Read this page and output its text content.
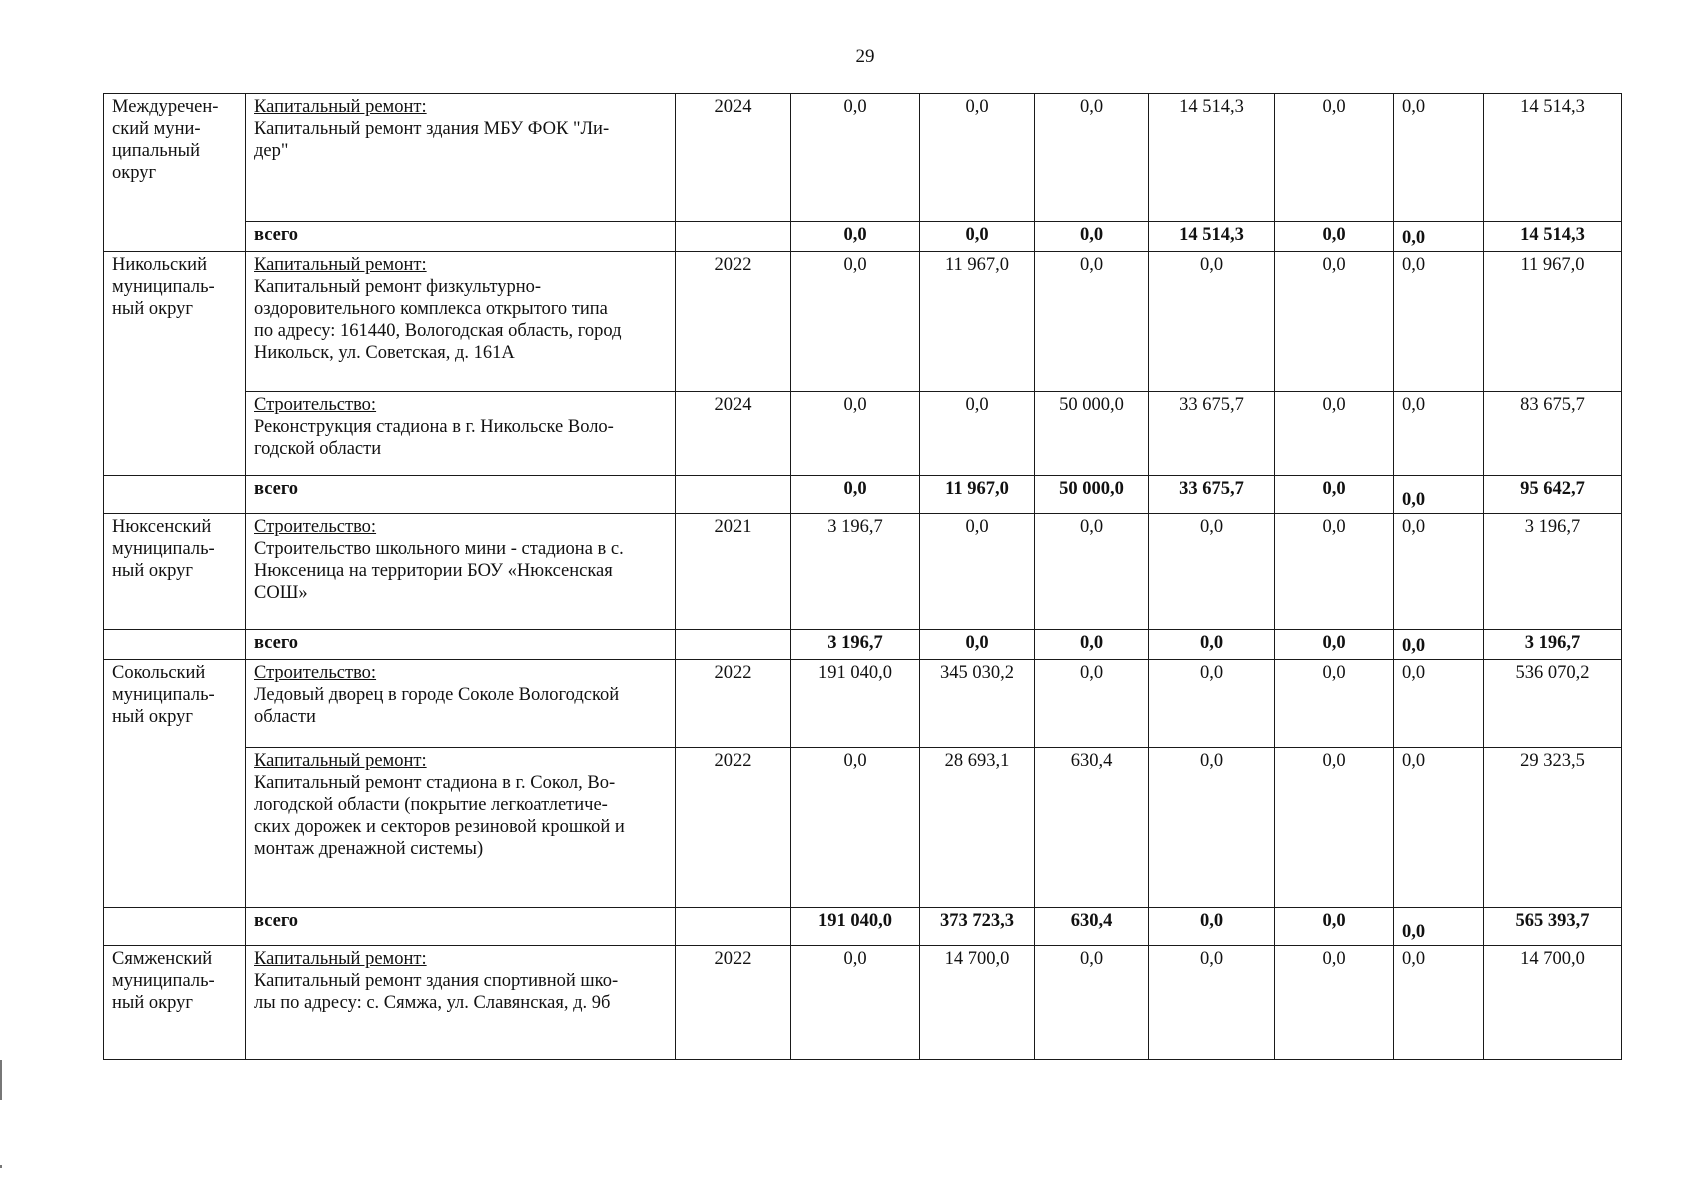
29
Междуречен-
ский муни-
ципальный
округ	Капитальный ремонт:
Капитальный ремонт здания МБУ ФОК "Ли-
дер"	2024	0,0	0,0	0,0	14 514,3	0,0	0,0	14 514,3
	всего		0,0	0,0	0,0	14 514,3	0,0	0,0	14 514,3
Никольский
муниципаль-
ный округ	Капитальный ремонт:
Капитальный ремонт физкультурно-
оздоровительного комплекса открытого типа
по адресу: 161440, Вологодская область, город
Никольск, ул. Советская, д. 161А	2022	0,0	11 967,0	0,0	0,0	0,0	0,0	11 967,0

	Строительство:
Реконструкция стадиона в г. Никольске Воло-
годской области	2024	0,0	0,0	50 000,0	33 675,7	0,0	0,0	83 675,7
	всего		0,0	11 967,0	50 000,0	33 675,7	0,0	0,0	95 642,7
Нюксенский
муниципаль-
ный округ	Строительство:
Строительство школьного мини - стадиона в с.
Нюксеница на территории БОУ «Нюксенская
СОШ»	2021	3 196,7	0,0	0,0	0,0	0,0	0,0	3 196,7
	всего		3 196,7	0,0	0,0	0,0	0,0	0,0	3 196,7
Сокольский
муниципаль-
ный округ	Строительство:
Ледовый дворец в городе Соколе Вологодской
области	2022	191 040,0	345 030,2	0,0	0,0	0,0	0,0	536 070,2

	Капитальный ремонт:
Капитальный ремонт стадиона в г. Сокол, Во-
логодской области (покрытие легкоатлетиче-
ских дорожек и секторов резиновой крошкой и
монтаж дренажной системы)	2022	0,0	28 693,1	630,4	0,0	0,0	0,0	29 323,5
	всего		191 040,0	373 723,3	630,4	0,0	0,0	0,0	565 393,7
Сямженский
муниципаль-
ный округ	Капитальный ремонт:
Капитальный ремонт здания спортивной шко-
лы по адресу: с. Сямжа, ул. Славянская, д. 9б	2022	0,0	14 700,0	0,0	0,0	0,0	0,0	14 700,0
